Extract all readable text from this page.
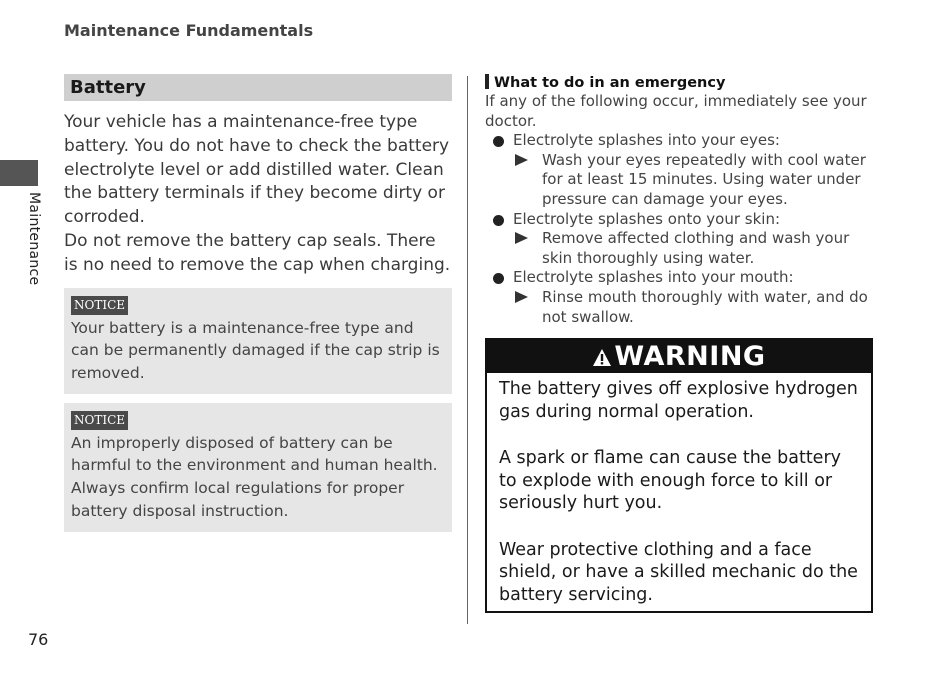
Maintenance Fundamentals
Maintenance
Battery

Your vehicle has a maintenance-free type battery. You do not have to check the battery electrolyte level or add distilled water. Clean the battery terminals if they become dirty or corroded.

Do not remove the battery cap seals. There is no need to remove the cap when charging.

NOTICE
Your battery is a maintenance-free type and can be permanently damaged if the cap strip is removed.
NOTICE
An improperly disposed of battery can be harmful to the environment and human health. Always confirm local regulations for proper battery disposal instruction.
What to do in an emergency
If any of the following occur, immediately see your doctor.
Electrolyte splashes into your eyes:
Wash your eyes repeatedly with cool water for at least 15 minutes. Using water under pressure can damage your eyes.
Electrolyte splashes onto your skin:
Remove affected clothing and wash your skin thoroughly using water.
Electrolyte splashes into your mouth:
Rinse mouth thoroughly with water, and do not swallow.
WARNING

The battery gives off explosive hydrogen gas during normal operation.

A spark or flame can cause the battery to explode with enough force to kill or seriously hurt you.

Wear protective clothing and a face shield, or have a skilled mechanic do the battery servicing.

76
